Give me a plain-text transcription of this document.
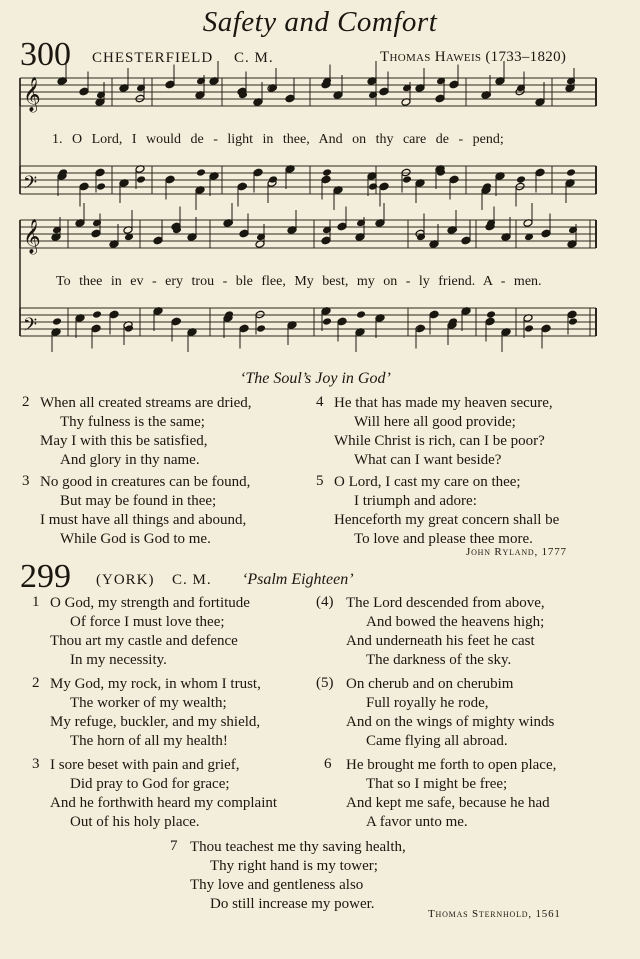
Safety and Comfort
300 CHESTERFIELD C. M.	Thomas Haweis (1733–1820)
𝄞
𝄢
𝄞
𝄢
1. O Lord, I would de - light in thee, And on thy care de - pend;
To thee in ev - ery trou - ble flee, My best, my on - ly friend. A - men.
‘The Soul’s Joy in God’
2 When all created streams are dried,
Thy fulness is the same;
May I with this be satisfied,
And glory in thy name.
3 No good in creatures can be found,
But may be found in thee;
I must have all things and abound,
While God is God to me.
4 He that has made my heaven secure,
Will here all good provide;
While Christ is rich, can I be poor?
What can I want beside?
5 O Lord, I cast my care on thee;
I triumph and adore:
Henceforth my great concern shall be
To love and please thee more.
John Ryland, 1777
299 (YORK) C. M. ‘Psalm Eighteen’
1 O God, my strength and fortitude
Of force I must love thee;
Thou art my castle and defence
In my necessity.
2 My God, my rock, in whom I trust,
The worker of my wealth;
My refuge, buckler, and my shield,
The horn of all my health!
3 I sore beset with pain and grief,
Did pray to God for grace;
And he forthwith heard my complaint
Out of his holy place.
(4) The Lord descended from above,
And bowed the heavens high;
And underneath his feet he cast
The darkness of the sky.
(5) On cherub and on cherubim
Full royally he rode,
And on the wings of mighty winds
Came flying all abroad.
6 He brought me forth to open place,
That so I might be free;
And kept me safe, because he had
A favor unto me.
7 Thou teachest me thy saving health,
Thy right hand is my tower;
Thy love and gentleness also
Do still increase my power.
Thomas Sternhold, 1561
